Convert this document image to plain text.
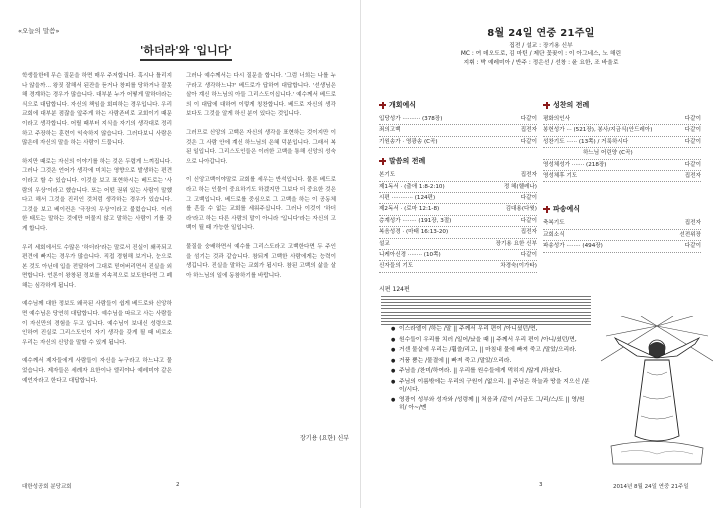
«오늘의 말씀»
'하더라'와 '입니다'

학생들한테 무슨 질문을 하면 매우 주저합니다. 혹시나 틀리지나 않을까… 왕짓 잘해서 된잔을 듣거나 창피를 당하거나 잘못해 경계하는 경우가 많습니다. 대부분 누가 어떻게 말하더라는 식으로 대답합니다. 자신의 책임을 회피하는 경우입니다. 우리 교회에 대부분 점잖을 앞주게 하는 사람존비로 교회이기 때문이라고 생각합니다. 어릴 때부터 지식을 자기의 생각대로 정리하고 주장하는 훈련이 익숙하지 않습니다. 그러다보니 사람은 많은데 자신의 말을 하는 사람이 드뭅니다.

하지만 때로는 자신의 이야기를 하는 것은 두렵게 느껴집니다. 그러나 그것은 언어가 생각에 미치는 영향으로 발생하는 편견이라고 할 수 있습니다. 이것을 보고 표현하시는 베드로는 '사람의 우상'이라고 했습니다. 또는 어떤 권위 있는 사람이 말했다고 해서 그것을 진리인 것처럼 생각하는 경우가 있습니다. 그것을 보고 베이컨은 '극장의 우상'이라고 불렀습니다. 이러한 태도는 말하는 것에만 머물지 않고 말하는 사람이 기를 갖게 합니다.

우리 세회에서도 수많은 '하더라'라는 말로서 진실이 왜곡되고 편견에 빠지는 경우가 많습니다. 직접 경험해 보거나, 눈으로 본 것도 아닌데 입을 전달하여 그대로 믿어버리면서 진실을 외면합니다. 언론이 왕창된 정보를 지속적으로 보도한다면 그 폐해는 심각하게 됩니다.

예수님께 대한 정보도 왜곡된 사람들이 쉽게 베드로와 신앙하면 예수님은 당연히 대답합니다. 예수님을 따르고 사는 사람들이 자신만의 경험을 두고 입니다. 예수님이 보내신 성령으로 인하여 진실로 그리스도인이 자기 생각을 갖게 될 때 비로소 우리는 자신의 신앙을 말할 수 있게 됩니다.

예수께서 제자들에게 사람들이 자신을 누구라고 하느냐고 물었습니다. 제자들은 세례자 요한이나 엘리야나 예레미야 같은 예언자라고 한다고 대답합니다.

그러나 예수께서는 다시 질문을 합니다. '그럼 너희는 나를 누구라고 생각하느냐?' 베드로가 답하여 대답합니다. '선생님은 살아 계신 하느님의 아들 그리스도이십니다.' 예수께서 베드로의 이 대답에 대하여 이렇게 칭찬합니다. 베드로 자신의 생각보다도 그것을 알게 하신 분이 있다는 것입니다.

그러므로 신앙의 고백은 자신의 생각을 표현하는 것이지만 이것은 그 사람 안에 계신 하느님의 은혜 덕분입니다. 그래서 복된 일입니다. 그리스도인들은 이러한 고백을 통해 신앙의 성숙으로 나아갑니다.

이 신앙고백이야말로 교회를 세우는 반석입니다. 물론 베드로라고 하는 인물이 중요하기도 하겠지만 그보다 더 중요한 것은 그 고백입니다. 베드로를 중심으로 그 고백을 하는 이 공동체를 흔들 수 없는 교회를 세워주십니다. 그러나 이것이 '하더라'라고 하는 다른 사람의 말이 아니라 '입니다'라는 자신의 고백이 될 때 가능한 일입니다.

물질을 숭배하면서 예수를 그리스도라고 고백한다면 두 주인을 섬기는 것과 같습니다. 참되게 고백한 사람에게는 능력이 생깁니다. 진실을 말하는 교회가 됩시다. 참된 고백의 삶을 살아 하느님의 일에 동참하기를 바랍니다.

장기용 (요한) 신부
대한성공회 분당교회	2
8월 24일 연중 21주일
집전 / 설교 : 장기용 신부
MC : 여 데오도로, 김 마틴 / 제단 꽃꽂이 : 이 아그네스, 노 해린
지휘 : 박 예레미아 / 반주 : 정은선 / 선창 : 윤 요한, 조 바울로
개회예식
입당성가 ·········· (378장)	다같이
죄의고백	집전자
기원송가 · 영광송 (C곡)	다같이
말씀의 전례
본기도	집전자
제1독서 · (출애 1:8-2:10)	정 헤(헬레나)
시편 ············ (124편)	다같이
제2독서 · (로마 12:1-8)	김대용(다윗)
층계성가 ········ (191장, 3절)	다같이
복음성경 · (마태 16:13-20)	집전자
설교	장기용 요한 신부
니케아신경 ········ (10쪽)	다같이
신자들의 기도	차경숙(이가타)
성찬의 전례
평화의인사	다같이
봉헌성가 ··· (521장), 봉사/지금식(안드레아)	다같이
성찬기도 ······ (13쪽) / 거룩하시다	다같이
하느님 어린양 (C곡)
영성체성가 ······· (218장)	다같이
영성체후 기도	집전자
파송예식
축복기도	집전자
교회소식	선전위장
파송성가 ········ (494장)	다같이
시편 124편
● 이스라엘이 /하는 /말 || 주께서 우리 편이 /아니셨던/면,
● 원수들이 우리를 치러 /일어/났을 때 || 주께서 우리 편이 /아니/셨던/면,
● 거센 물살에 우리는 /휩쓸/리고, || 마침내 물에 빠져 죽고 /말았/으리라.
● 거품 뿜는 /물결에 || 빠져 죽고 /말았/으리라.
● 주님을 /찬미/하여라. || 우리를 원수들에게 먹히지 /않게 /하셨다.
● 주님의 이름밖에는 우리의 구원이 /없으리. || 주님은 하늘과 땅을 지으신 /분이/시다.
● 영광이 성부와 성자와 /성령께 || 처음과 /같이 /지금도 그/리/스/도 || 영/원히/ 아~/멘
3	2014년 8월 24일 연중 21주일
